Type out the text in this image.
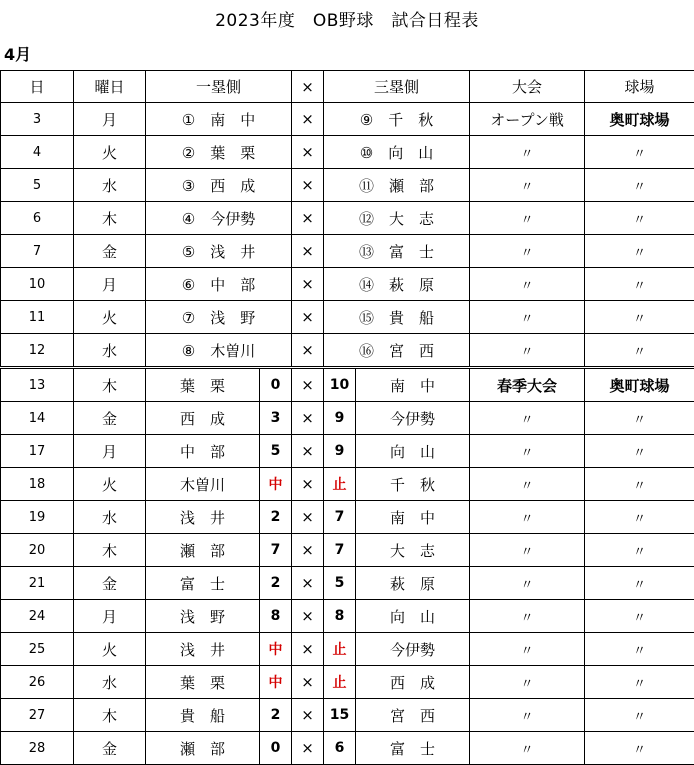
2023年度　OB野球　試合日程表
4月
日	曜日	一塁側		×	三塁側		大会	球場
3	月	①　南　中		×	⑨　千　秋		オープン戦	奥町球場
4	火	②　葉　栗		×	⑩　向　山		〃	〃
5	水	③　西　成		×	⑪　瀬　部		〃	〃
6	木	④　今伊勢		×	⑫　大　志		〃	〃
7	金	⑤　浅　井		×	⑬　富　士		〃	〃
10	月	⑥　中　部		×	⑭　萩　原		〃	〃
11	火	⑦　浅　野		×	⑮　貴　船		〃	〃
12	水	⑧　木曽川		×	⑯　宮　西		〃	〃
13	木	葉　栗	0	×	10	南　中	春季大会	奥町球場
14	金	西　成	3	×	9	今伊勢	〃	〃
17	月	中　部	5	×	9	向　山	〃	〃
18	火	木曽川	中	×	止	千　秋	〃	〃
19	水	浅　井	2	×	7	南　中	〃	〃
20	木	瀬　部	7	×	7	大　志	〃	〃
21	金	富　士	2	×	5	萩　原	〃	〃
24	月	浅　野	8	×	8	向　山	〃	〃
25	火	浅　井	中	×	止	今伊勢	〃	〃
26	水	葉　栗	中	×	止	西　成	〃	〃
27	木	貴　船	2	×	15	宮　西	〃	〃
28	金	瀬　部	0	×	6	富　士	〃	〃
